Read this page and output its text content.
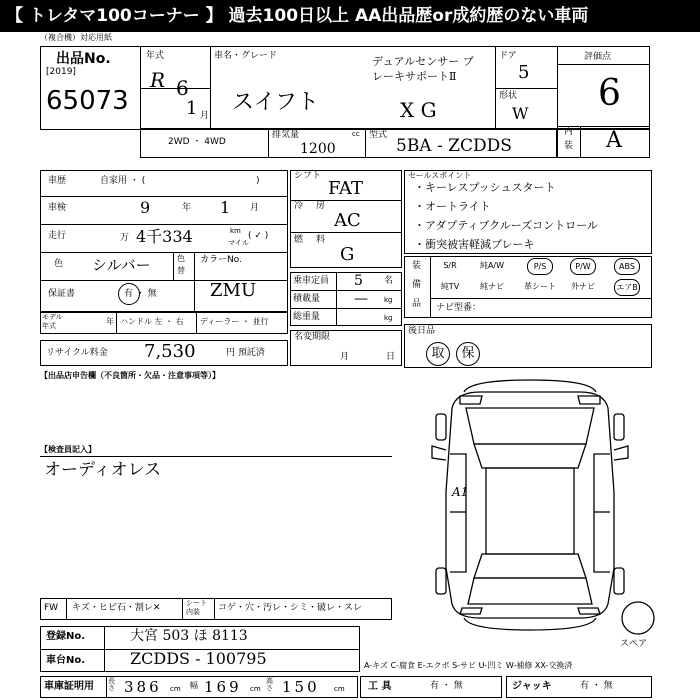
【 トレタマ100コーナー 】 過去100日以上 AA出品歴or成約歴のない車両
（複合機）対応用紙
出品No.
[2019]
65073
年式
R 6
1 月
車名・グレード
スイフト
デュアルセンサー ブレーキサポートⅡ
X G
ドア
5
形状
W
評価点
6
内
装 A
2WD ・ 4WD
排気量	cc
1200
型式
5BA - ZCDDS
車歴	自家用 ・ (	)
車検	9	年 1 月
走行	万 4千334	km
マイル
( ✓ )
色 シルバー	色
替
カラーNo.
ZMU
保証書	有 ・ 無
モデル
年式	年 ハンドル 左 ・ 右 ディーラー ・ 並行
リサイクル料金 7,530	円 預託済
シフト
FAT
冷 房
AC
燃 料
G
乗車定員 5 名
積載量 — kg
総重量	kg
名変期限
月	日
セールスポイント
・キーレスプッシュスタート
・オートライト
・アダプティブクルーズコントロール
・衝突被害軽減ブレーキ
装
備
品
S/R	純A/W	P/S	P/W	ABS
純TV	純ナビ	革シート 外ナビ	エアB
ナビ型番：
後日品
取	保
【出品店申告欄（不良箇所・欠品・注意事項等）】
【検査員記入】
オーディオレス
A1
スペア
FW キズ・ヒビ石・割レ✕	シート
内装 コゲ・穴・汚レ・シミ・破レ・スレ
登録No.	大宮 503 ほ 8113
車台No.	ZCDDS - 100795	A-キズ C-腐食 E-エクボ S-サビ U-凹ミ W-補修 XX-交換済
車庫証明用 長さ 386 cm 幅 169 cm
高さ 150 cm 工 具	有 ・ 無	ジャッキ	有 ・ 無
